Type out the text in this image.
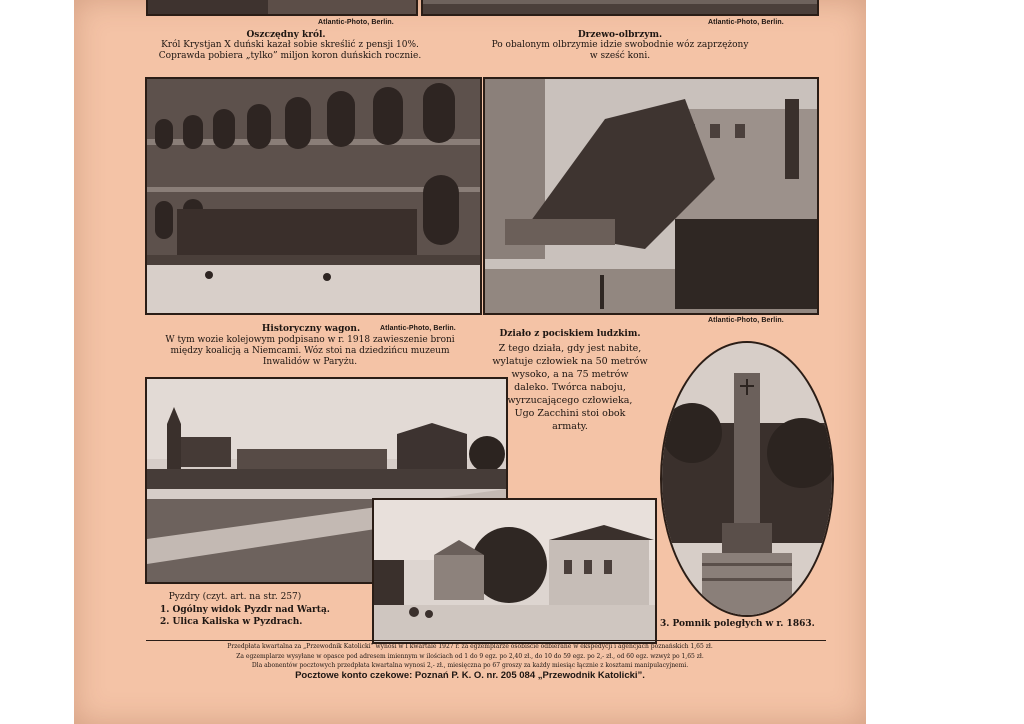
Atlantic-Photo, Berlin.	Atlantic-Photo, Berlin.
Oszczędny król.
Król Krystjan X duński kazał sobie skreślić z pensji 10%.
Coprawda pobiera „tylko” miljon koron duńskich rocznie.
Drzewo-olbrzym.
Po obalonym olbrzymie idzie swobodnie wóz zaprzężony
w sześć koni.
Atlantic-Photo, Berlin.
Historyczny wagon.	Atlantic-Photo, Berlin.
W tym wozie kolejowym podpisano w r. 1918 zawieszenie broni
między koalicją a Niemcami. Wóz stoi na dziedzińcu muzeum
Inwalidów w Paryżu.
Działo z pociskiem ludzkim.
Z tego działa, gdy jest nabite,
wylatuje człowiek na 50 metrów
wysoko, a na 75 metrów
daleko. Twórca naboju,
wyrzucającego człowieka,
Ugo Zacchini stoi obok
armaty.
Pyzdry (czyt. art. na str. 257)
1. Ogólny widok Pyzdr nad Wartą.
2. Ulica Kaliska w Pyzdrach.	3. Pomnik poległych w r. 1863.
Przedpłata kwartalna za „Przewodnik Katolicki” wynosi w I kwartale 1927 r. za egzemplarze osobiście odbierane w ekspedycji i agencjach poznańskich 1,65 zł.
Za egzemplarze wysyłane w opasce pod adresem imiennym w ilościach od 1 do 9 egz. po 2,40 zł., do 10 do 59 egz. po 2,- zł., od 60 egz. wzwyż po 1,65 zł.
Dla abonentów pocztowych przedpłata kwartalna wynosi 2,- zł., miesięczna po 67 groszy za każdy miesiąc łącznie z kosztami manipulacyjnemi.
Pocztowe konto czekowe: Poznań P. K. O. nr. 205 084 „Przewodnik Katolicki”.
